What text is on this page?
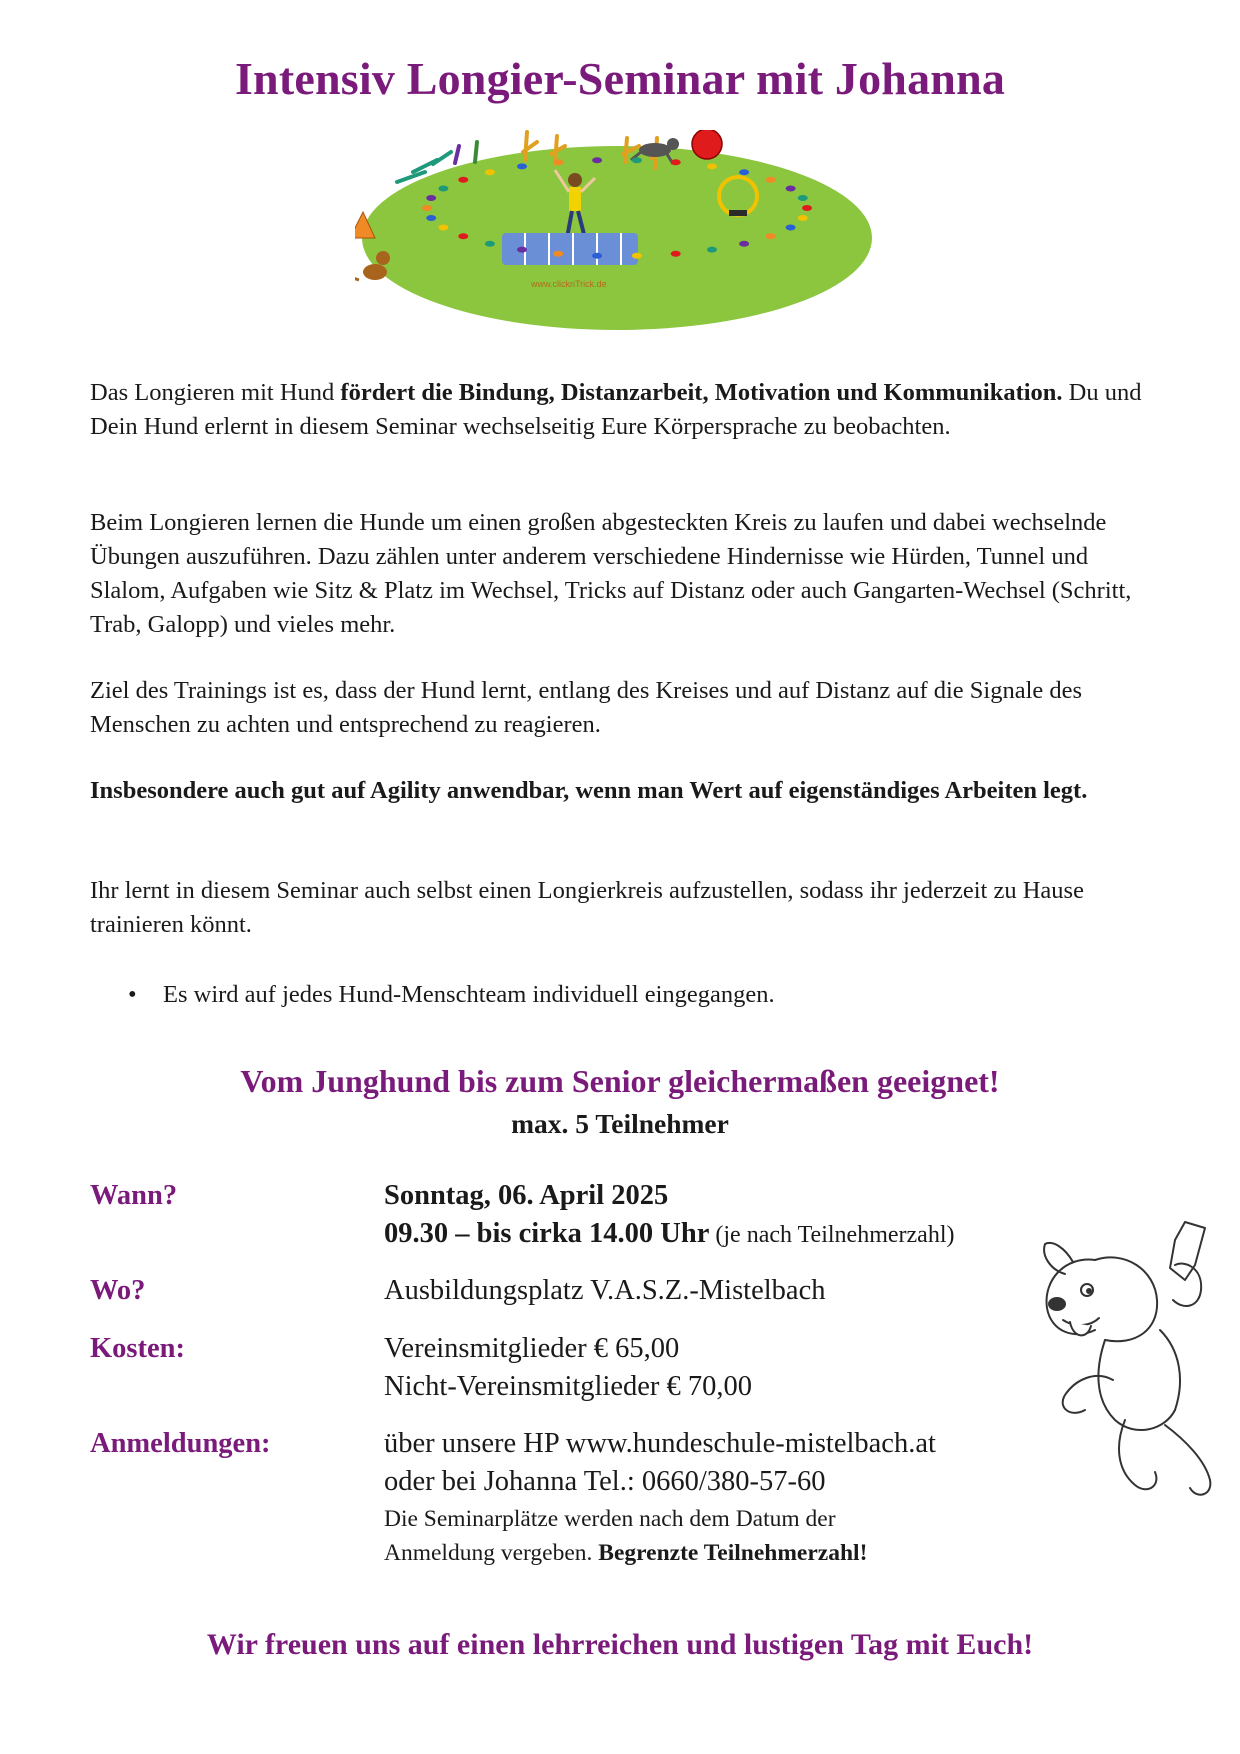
Intensiv Longier-Seminar mit Johanna
www.clicknTrick.de

Das Longieren mit Hund fördert die Bindung, Distanzarbeit, Motivation und Kommunikation. Du und Dein Hund erlernt in diesem Seminar wechselseitig Eure Körpersprache zu beobachten.

Beim Longieren lernen die Hunde um einen großen abgesteckten Kreis zu laufen und dabei wechselnde Übungen auszuführen. Dazu zählen unter anderem verschiedene Hindernisse wie Hürden, Tunnel und Slalom, Aufgaben wie Sitz & Platz im Wechsel, Tricks auf Distanz oder auch Gangarten-Wechsel (Schritt, Trab, Galopp) und vieles mehr.

Ziel des Trainings ist es, dass der Hund lernt, entlang des Kreises und auf Distanz auf die Signale des Menschen zu achten und entsprechend zu reagieren.

Insbesondere auch gut auf Agility anwendbar, wenn man Wert auf eigenständiges Arbeiten legt.

Ihr lernt in diesem Seminar auch selbst einen Longierkreis aufzustellen, sodass ihr jederzeit zu Hause trainieren könnt.

• Es wird auf jedes Hund-Menschteam individuell eingegangen.

Vom Junghund bis zum Senior gleichermaßen geeignet!

max. 5 Teilnehmer

Wann?	Sonntag, 06. April 2025
09.30 – bis cirka 14.00 Uhr (je nach Teilnehmerzahl)
Wo?	Ausbildungsplatz V.A.S.Z.-Mistelbach
Kosten:	Vereinsmitglieder € 65,00
Nicht-Vereinsmitglieder € 70,00
Anmeldungen:	über unsere HP www.hundeschule-mistelbach.at
oder bei Johanna Tel.: 0660/380-57-60
Die Seminarplätze werden nach dem Datum der
Anmeldung vergeben. Begrenzte Teilnehmerzahl!
Wir freuen uns auf einen lehrreichen und lustigen Tag mit Euch!
